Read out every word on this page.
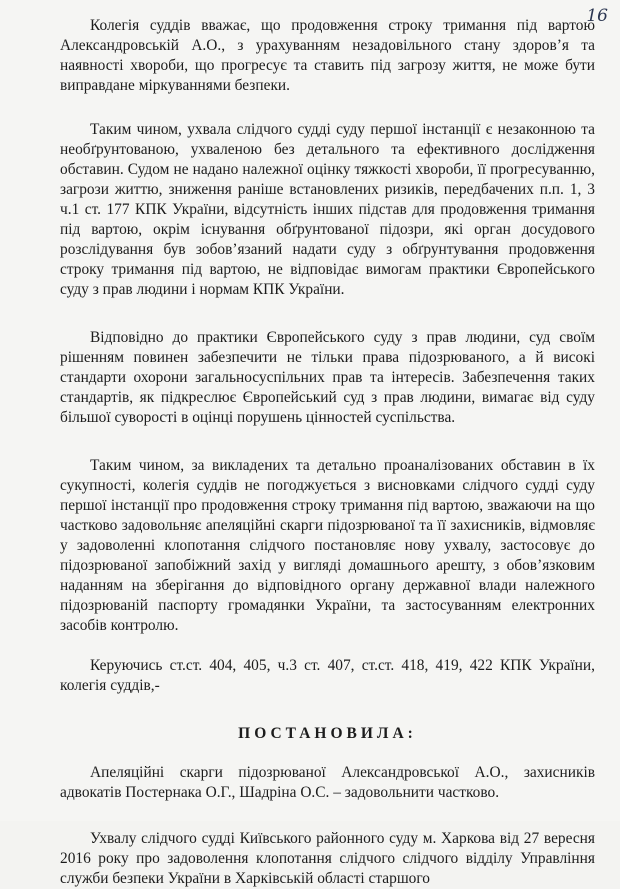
16

Колегія суддів вважає, що продовження строку тримання під вартою Александровській А.О., з урахуванням незадовільного стану здоров’я та наявності хвороби, що прогресує та ставить під загрозу життя, не може бути виправдане міркуваннями безпеки.

Таким чином, ухвала слідчого судді суду першої інстанції є незаконною та необґрунтованою, ухваленою без детального та ефективного дослідження обставин. Судом не надано належної оцінку тяжкості хвороби, її прогресуванню, загрози життю, зниження раніше встановлених ризиків, передбачених п.п. 1, 3 ч.1 ст. 177 КПК України, відсутність інших підстав для продовження тримання під вартою, окрім існування обґрунтованої підозри, які орган досудового розслідування був зобов’язаний надати суду з обґрунтування продовження строку тримання під вартою, не відповідає вимогам практики Європейського суду з прав людини і нормам КПК України.

Відповідно до практики Європейського суду з прав людини, суд своїм рішенням повинен забезпечити не тільки права підозрюваного, а й високі стандарти охорони загальносуспільних прав та інтересів. Забезпечення таких стандартів, як підкреслює Європейський суд з прав людини, вимагає від суду більшої суворості в оцінці порушень цінностей суспільства.

Таким чином, за викладених та детально проаналізованих обставин в їх сукупності, колегія суддів не погоджується з висновками слідчого судді суду першої інстанції про продовження строку тримання під вартою, зважаючи на що частково задовольняє апеляційні скарги підозрюваної та її захисників, відмовляє у задоволенні клопотання слідчого постановляє нову ухвалу, застосовує до підозрюваної запобіжний захід у вигляді домашнього арешту, з обов’язковим наданням на зберігання до відповідного органу державної влади належного підозрюваній паспорту громадянки України, та застосуванням електронних засобів контролю.

Керуючись ст.ст. 404, 405, ч.3 ст. 407, ст.ст. 418, 419, 422 КПК України, колегія суддів,-

ПОСТАНОВИЛА:

Апеляційні скарги підозрюваної Александровської А.О., захисників адвокатів Постернака О.Г., Шадріна О.С. – задовольнити частково.

Ухвалу слідчого судді Київського районного суду м. Харкова від 27 вересня 2016 року про задоволення клопотання слідчого слідчого відділу Управління служби безпеки України в Харківській області старшого
